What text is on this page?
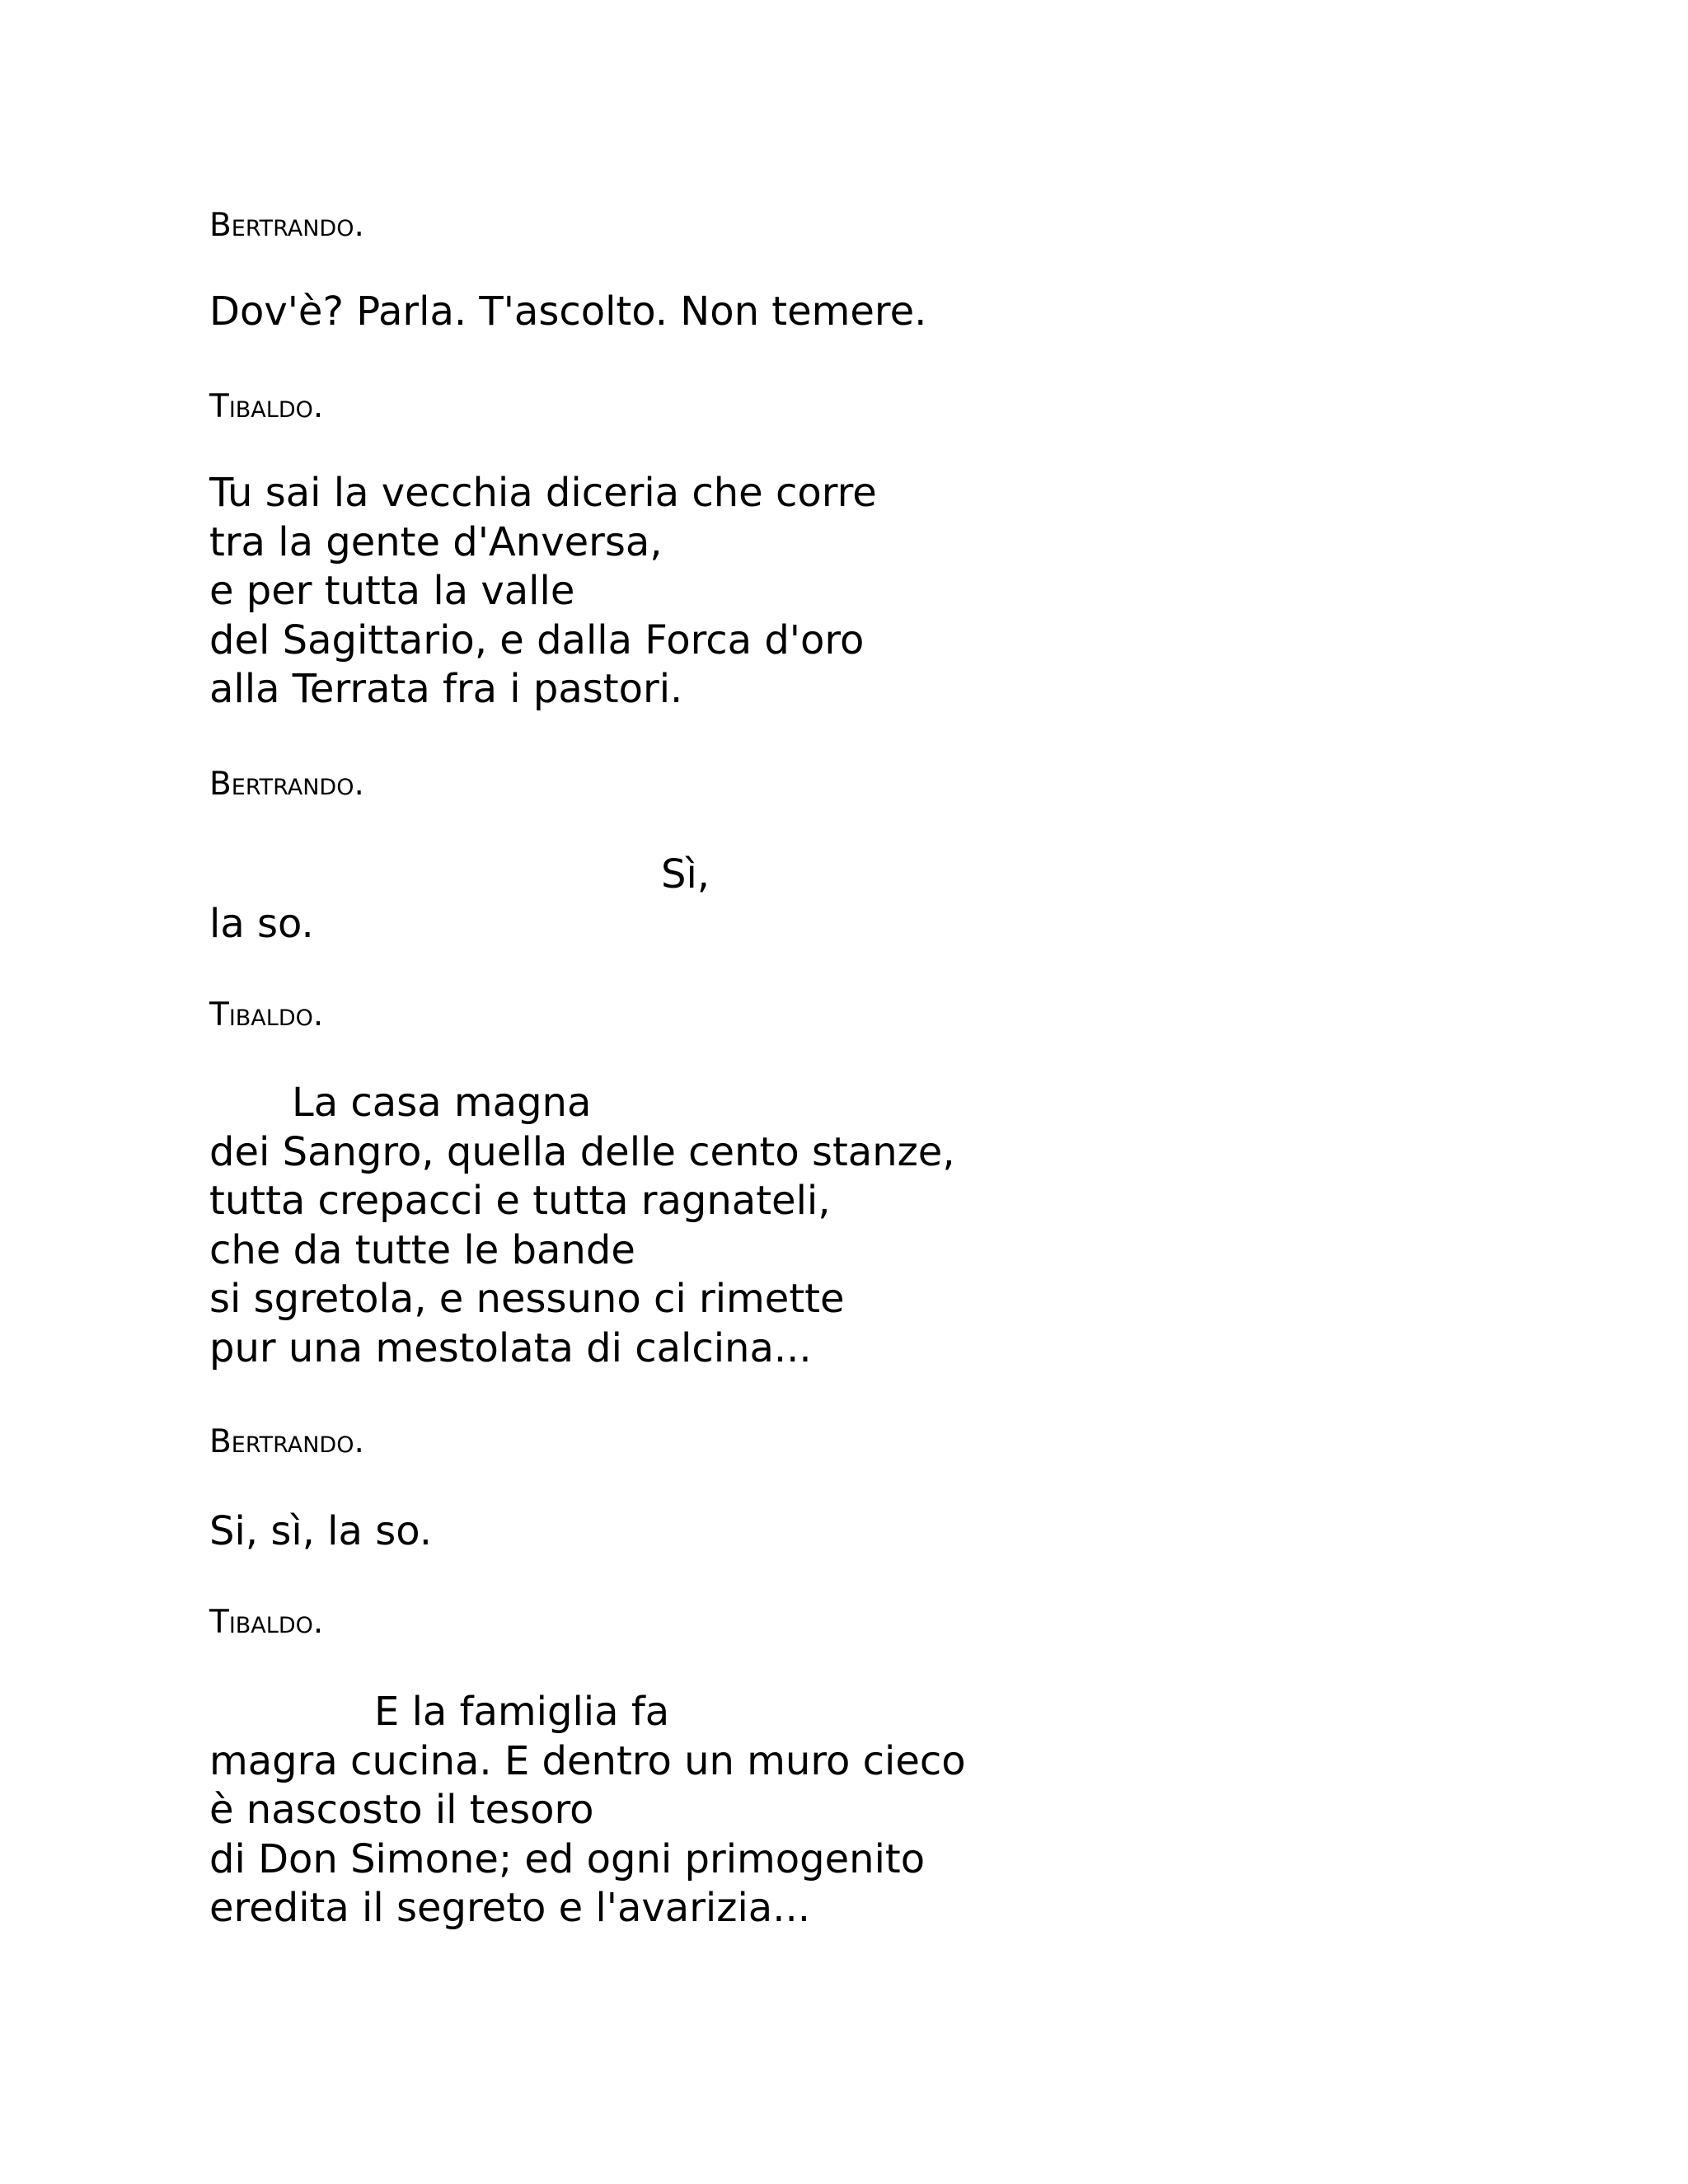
Bertrando.
Dov'è? Parla. T'ascolto. Non temere.
Tibaldo.
Tu sai la vecchia diceria che corre
tra la gente d'Anversa,
e per tutta la valle
del Sagittario, e dalla Forca d'oro
alla Terrata fra i pastori.
Bertrando.
Sì,
la so.
Tibaldo.
La casa magna
dei Sangro, quella delle cento stanze,
tutta crepacci e tutta ragnateli,
che da tutte le bande
si sgretola, e nessuno ci rimette
pur una mestolata di calcina...
Bertrando.
Si, sì, la so.
Tibaldo.
E la famiglia fa
magra cucina. E dentro un muro cieco
è nascosto il tesoro
di Don Simone; ed ogni primogenito
eredita il segreto e l'avarizia...
